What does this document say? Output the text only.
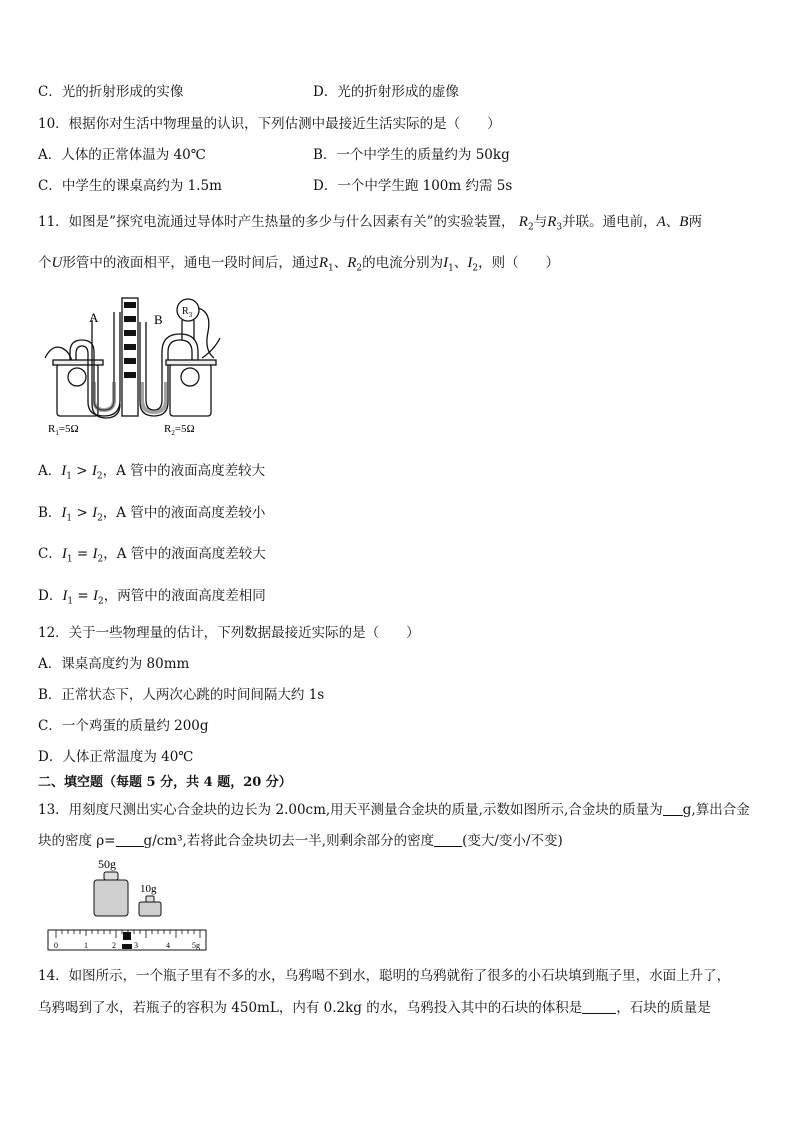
C．光的折射形成的实像	D．光的折射形成的虚像
10．根据你对生活中物理量的认识，下列估测中最接近生活实际的是（　　）
A．人体的正常体温为 40℃	B．一个中学生的质量约为 50kg
C．中学生的课桌高约为 1.5m	D．一个中学生跑 100m 约需 5s
11．如图是”探究电流通过导体时产生热量的多少与什么因素有关”的实验装置， $R_2$与$R_3$并联。通电前，A、B两
个U形管中的液面相平，通电一段时间后，通过$R_1$、$R_2$的电流分别为$I_1$、$I_2$，则（　　）
A	B
$R_3$
$R_1=5\Omega$	$R_2=5\Omega$
A．$I_1 > I_2$，A 管中的液面高度差较大
B．$I_1 > I_2$，A 管中的液面高度差较小
C．$I_1 = I_2$，A 管中的液面高度差较大
D．$I_1 = I_2$，两管中的液面高度差相同
12．关于一些物理量的估计，下列数据最接近实际的是（　　）
A．课桌高度约为 80mm
B．正常状态下，人两次心跳的时间间隔大约 1s
C．一个鸡蛋的质量约 200g
D．人体正常温度为 40℃
二、填空题（每题 5 分，共 4 题，20 分）
13．用刻度尺测出实心合金块的边长为 2.00cm,用天平测量合金块的质量,示数如图所示,合金块的质量为 g,算出合金
块的密度 ρ= g/cm³,若将此合金块切去一半,则剩余部分的密度 (变大/变小/不变)
50g
10g
0	1	2 3	4	5g
14．如图所示，一个瓶子里有不多的水，乌鸦喝不到水，聪明的乌鸦就衔了很多的小石块填到瓶子里，水面上升了，
乌鸦喝到了水，若瓶子的容积为 450mL，内有 0.2kg 的水，乌鸦投入其中的石块的体积是	，石块的质量是
